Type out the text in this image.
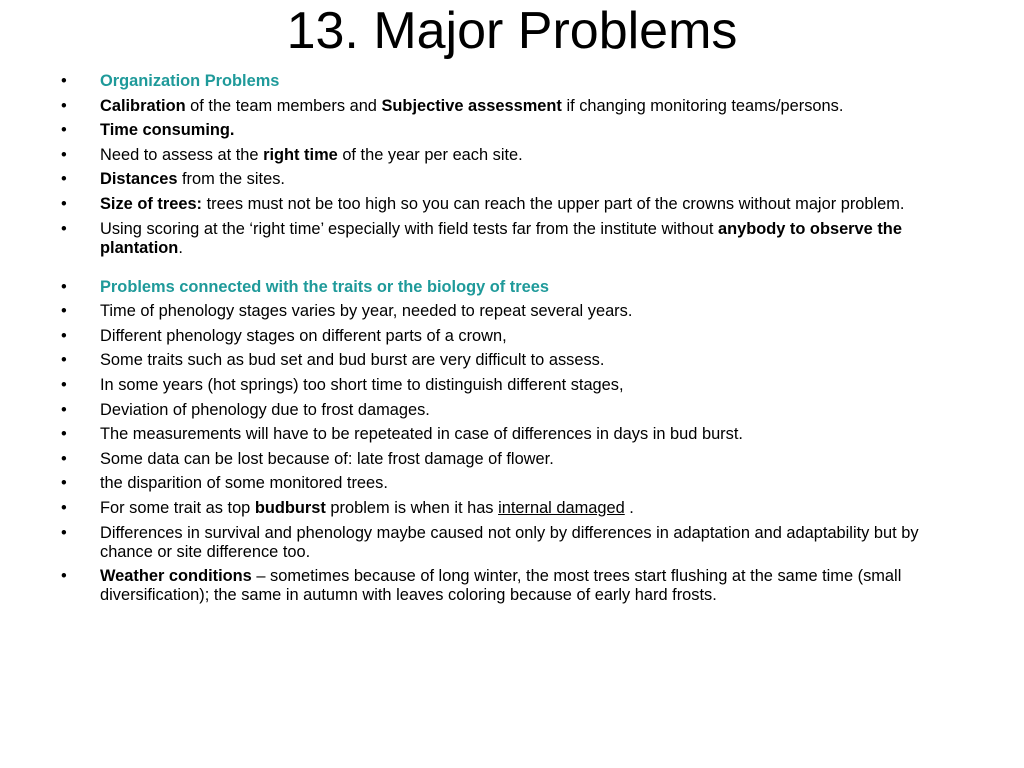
13. Major Problems
• Organization Problems
• Calibration of the team members and Subjective assessment if changing monitoring teams/persons.
• Time consuming.
• Need to assess at the right time of the year per each site.
• Distances from the sites.
• Size of trees: trees must not be too high so you can reach the upper part of the crowns without major problem.
• Using scoring at the ‘right time’ especially with field tests far from the institute without anybody to observe the plantation.
• Problems connected with the traits or the biology of trees
• Time of phenology stages varies by year, needed to repeat several years.
• Different phenology stages on different parts of a crown,
• Some traits such as bud set and bud burst are very difficult to assess.
• In some years (hot springs) too short time to distinguish different stages,
• Deviation of phenology due to frost damages.
• The measurements will have to be repeteated in case of differences in days in bud burst.
• Some data can be lost because of: late frost damage of flower.
• the disparition of some monitored trees.
• For some trait as top budburst problem is when it has internal damaged .
• Differences in survival and phenology maybe caused not only by differences in adaptation and adaptability but by chance or site difference too.
• Weather conditions – sometimes because of long winter, the most trees start flushing at the same time (small diversification); the same in autumn with leaves coloring because of early hard frosts.
